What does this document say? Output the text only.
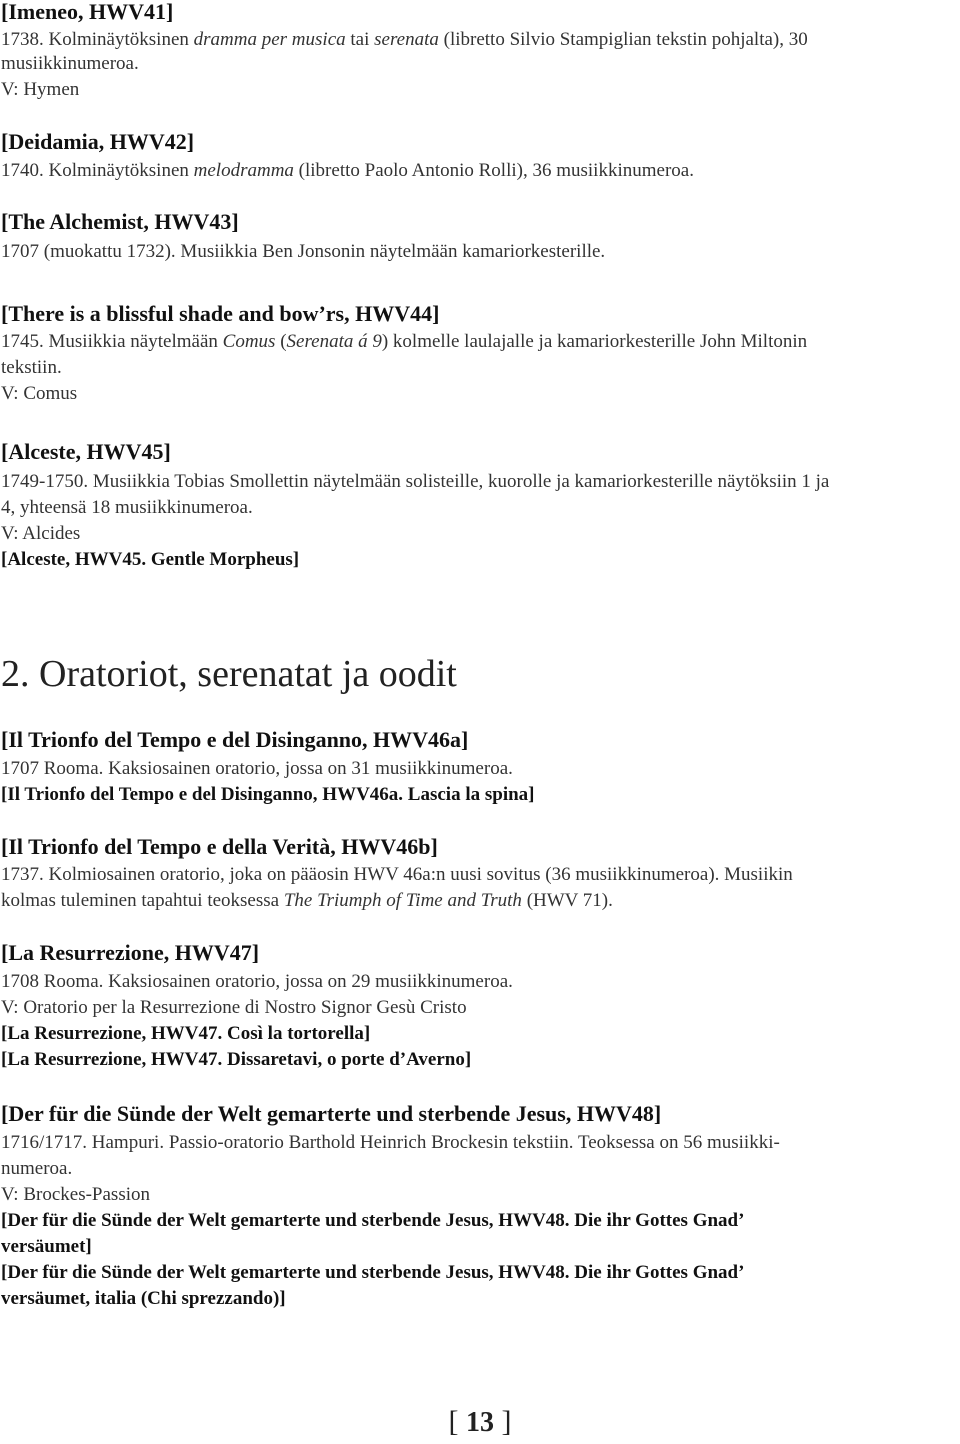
[Imeneo, HWV41]
1738. Kolminäytöksinen dramma per musica tai serenata (libretto Silvio Stampiglian tekstin pohjalta), 30
musiikkinumeroa.
V: Hymen
[Deidamia, HWV42]
1740. Kolminäytöksinen melodramma (libretto Paolo Antonio Rolli), 36 musiikkinumeroa.
[The Alchemist, HWV43]
1707 (muokattu 1732). Musiikkia Ben Jonsonin näytelmään kamariorkesterille.
[There is a blissful shade and bow’rs, HWV44]
1745. Musiikkia näytelmään Comus (Serenata á 9) kolmelle laulajalle ja kamariorkesterille John Miltonin
tekstiin.
V: Comus
[Alceste, HWV45]
1749-1750. Musiikkia Tobias Smollettin näytelmään solisteille, kuorolle ja kamariorkesterille näytöksiin 1 ja
4, yhteensä 18 musiikkinumeroa.
V: Alcides
[Alceste, HWV45. Gentle Morpheus]
2. Oratoriot, serenatat ja oodit
[Il Trionfo del Tempo e del Disinganno, HWV46a]
1707 Rooma. Kaksiosainen oratorio, jossa on 31 musiikkinumeroa.
[Il Trionfo del Tempo e del Disinganno, HWV46a. Lascia la spina]
[Il Trionfo del Tempo e della Verità, HWV46b]
1737. Kolmiosainen oratorio, joka on pääosin HWV 46a:n uusi sovitus (36 musiikkinumeroa). Musiikin
kolmas tuleminen tapahtui teoksessa The Triumph of Time and Truth (HWV 71).
[La Resurrezione, HWV47]
1708 Rooma. Kaksiosainen oratorio, jossa on 29 musiikkinumeroa.
V: Oratorio per la Resurrezione di Nostro Signor Gesù Cristo
[La Resurrezione, HWV47. Così la tortorella]
[La Resurrezione, HWV47. Dissaretavi, o porte d’Averno]
[Der für die Sünde der Welt gemarterte und sterbende Jesus, HWV48]
1716/1717. Hampuri. Passio-oratorio Barthold Heinrich Brockesin tekstiin. Teoksessa on 56 musiikki-
numeroa.
V: Brockes-Passion
[Der für die Sünde der Welt gemarterte und sterbende Jesus, HWV48. Die ihr Gottes Gnad’
versäumet]
[Der für die Sünde der Welt gemarterte und sterbende Jesus, HWV48. Die ihr Gottes Gnad’
versäumet, italia (Chi sprezzando)]
[ 13 ]
